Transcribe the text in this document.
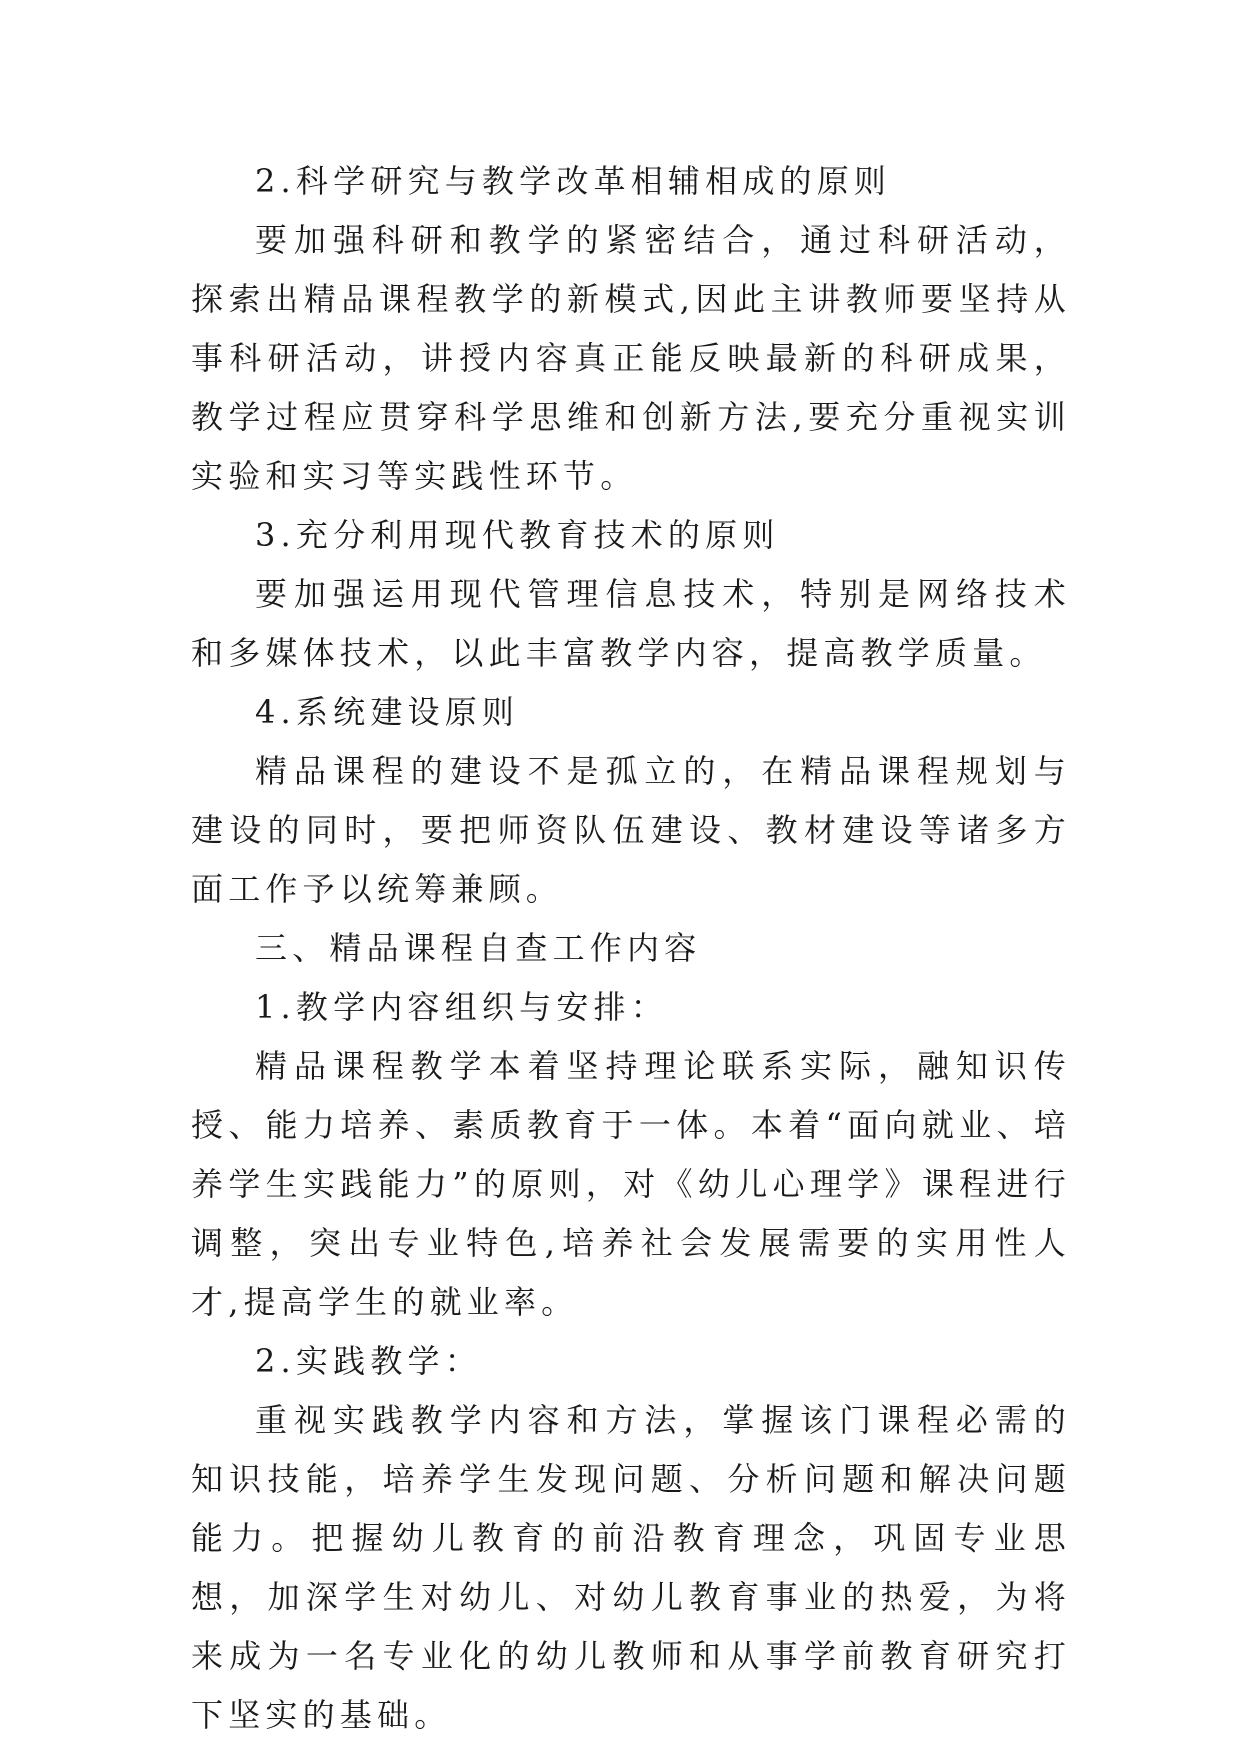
2.科学研究与教学改革相辅相成的原则

要加强科研和教学的紧密结合，通过科研活动，探索出精品课程教学的新模式,因此主讲教师要坚持从事科研活动，讲授内容真正能反映最新的科研成果，教学过程应贯穿科学思维和创新方法,要充分重视实训实验和实习等实践性环节。

3.充分利用现代教育技术的原则

要加强运用现代管理信息技术，特别是网络技术和多媒体技术，以此丰富教学内容，提高教学质量。

4.系统建设原则

精品课程的建设不是孤立的，在精品课程规划与建设的同时，要把师资队伍建设、教材建设等诸多方面工作予以统筹兼顾。

三、精品课程自查工作内容

1.教学内容组织与安排：

精品课程教学本着坚持理论联系实际，融知识传授、能力培养、素质教育于一体。本着“面向就业、培养学生实践能力”的原则，对《幼儿心理学》课程进行调整，突出专业特色,培养社会发展需要的实用性人才,提高学生的就业率。

2.实践教学：

重视实践教学内容和方法，掌握该门课程必需的知识技能，培养学生发现问题、分析问题和解决问题能力。把握幼儿教育的前沿教育理念，巩固专业思想，加深学生对幼儿、对幼儿教育事业的热爱，为将来成为一名专业化的幼儿教师和从事学前教育研究打下坚实的基础。
